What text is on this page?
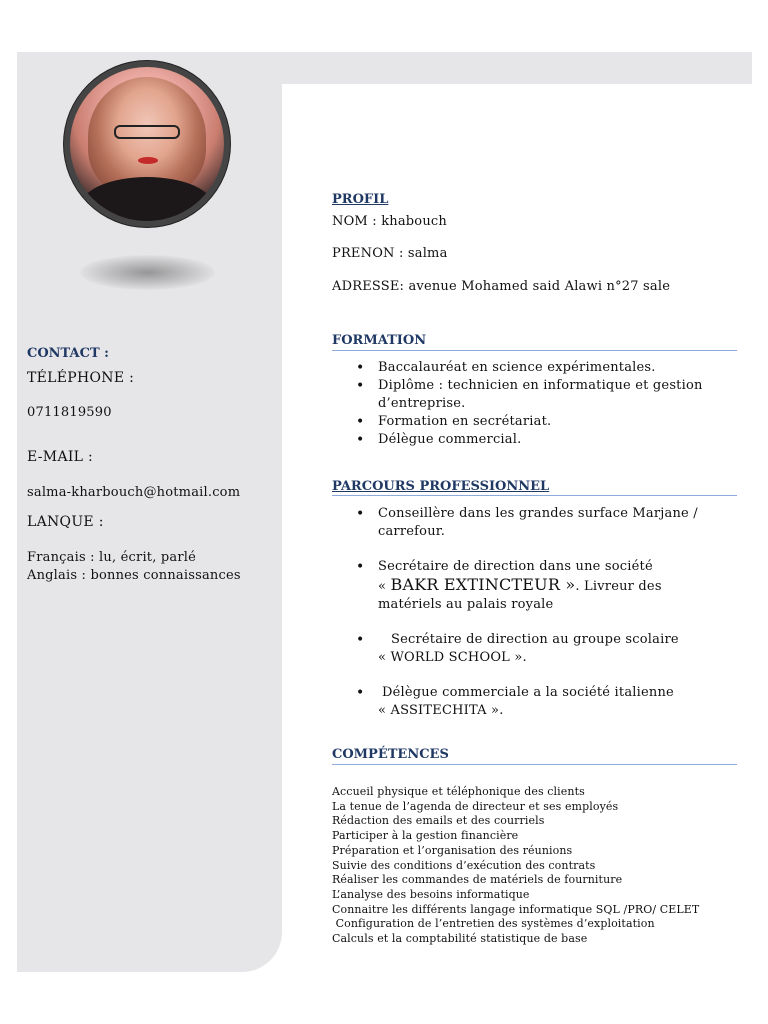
CONTACT :
TÉLÉPHONE :
0711819590
E-MAIL :
salma-kharbouch@hotmail.com
LANQUE :
Français : lu, écrit, parlé
Anglais : bonnes connaissances
PROFIL
NOM : khabouch
PRENON : salma
ADRESSE: avenue Mohamed said Alawi n°27 sale
FORMATION
• Baccalauréat en science expérimentales.
• Diplôme : technicien en informatique et gestion d’entreprise.
• Formation en secrétariat.
• Délègue commercial.
PARCOURS PROFESSIONNEL
• Conseillère dans les grandes surface Marjane / carrefour.
• Secrétaire de direction dans une société
« BAKR EXTINCTEUR ». Livreur des matériels au palais royale
• Secrétaire de direction au groupe scolaire
« WORLD SCHOOL ».
• Délègue commerciale a la société italienne
« ASSITECHITA ».
COMPÉTENCES
Accueil physique et téléphonique des clients
La tenue de l’agenda de directeur et ses employés
Rédaction des emails et des courriels
Participer à la gestion financière
Préparation et l’organisation des réunions
Suivie des conditions d’exécution des contrats
Réaliser les commandes de matériels de fourniture
L’analyse des besoins informatique
Connaitre les différents langage informatique SQL /PRO/ CELET
Configuration de l’entretien des systèmes d’exploitation
Calculs et la comptabilité statistique de base
